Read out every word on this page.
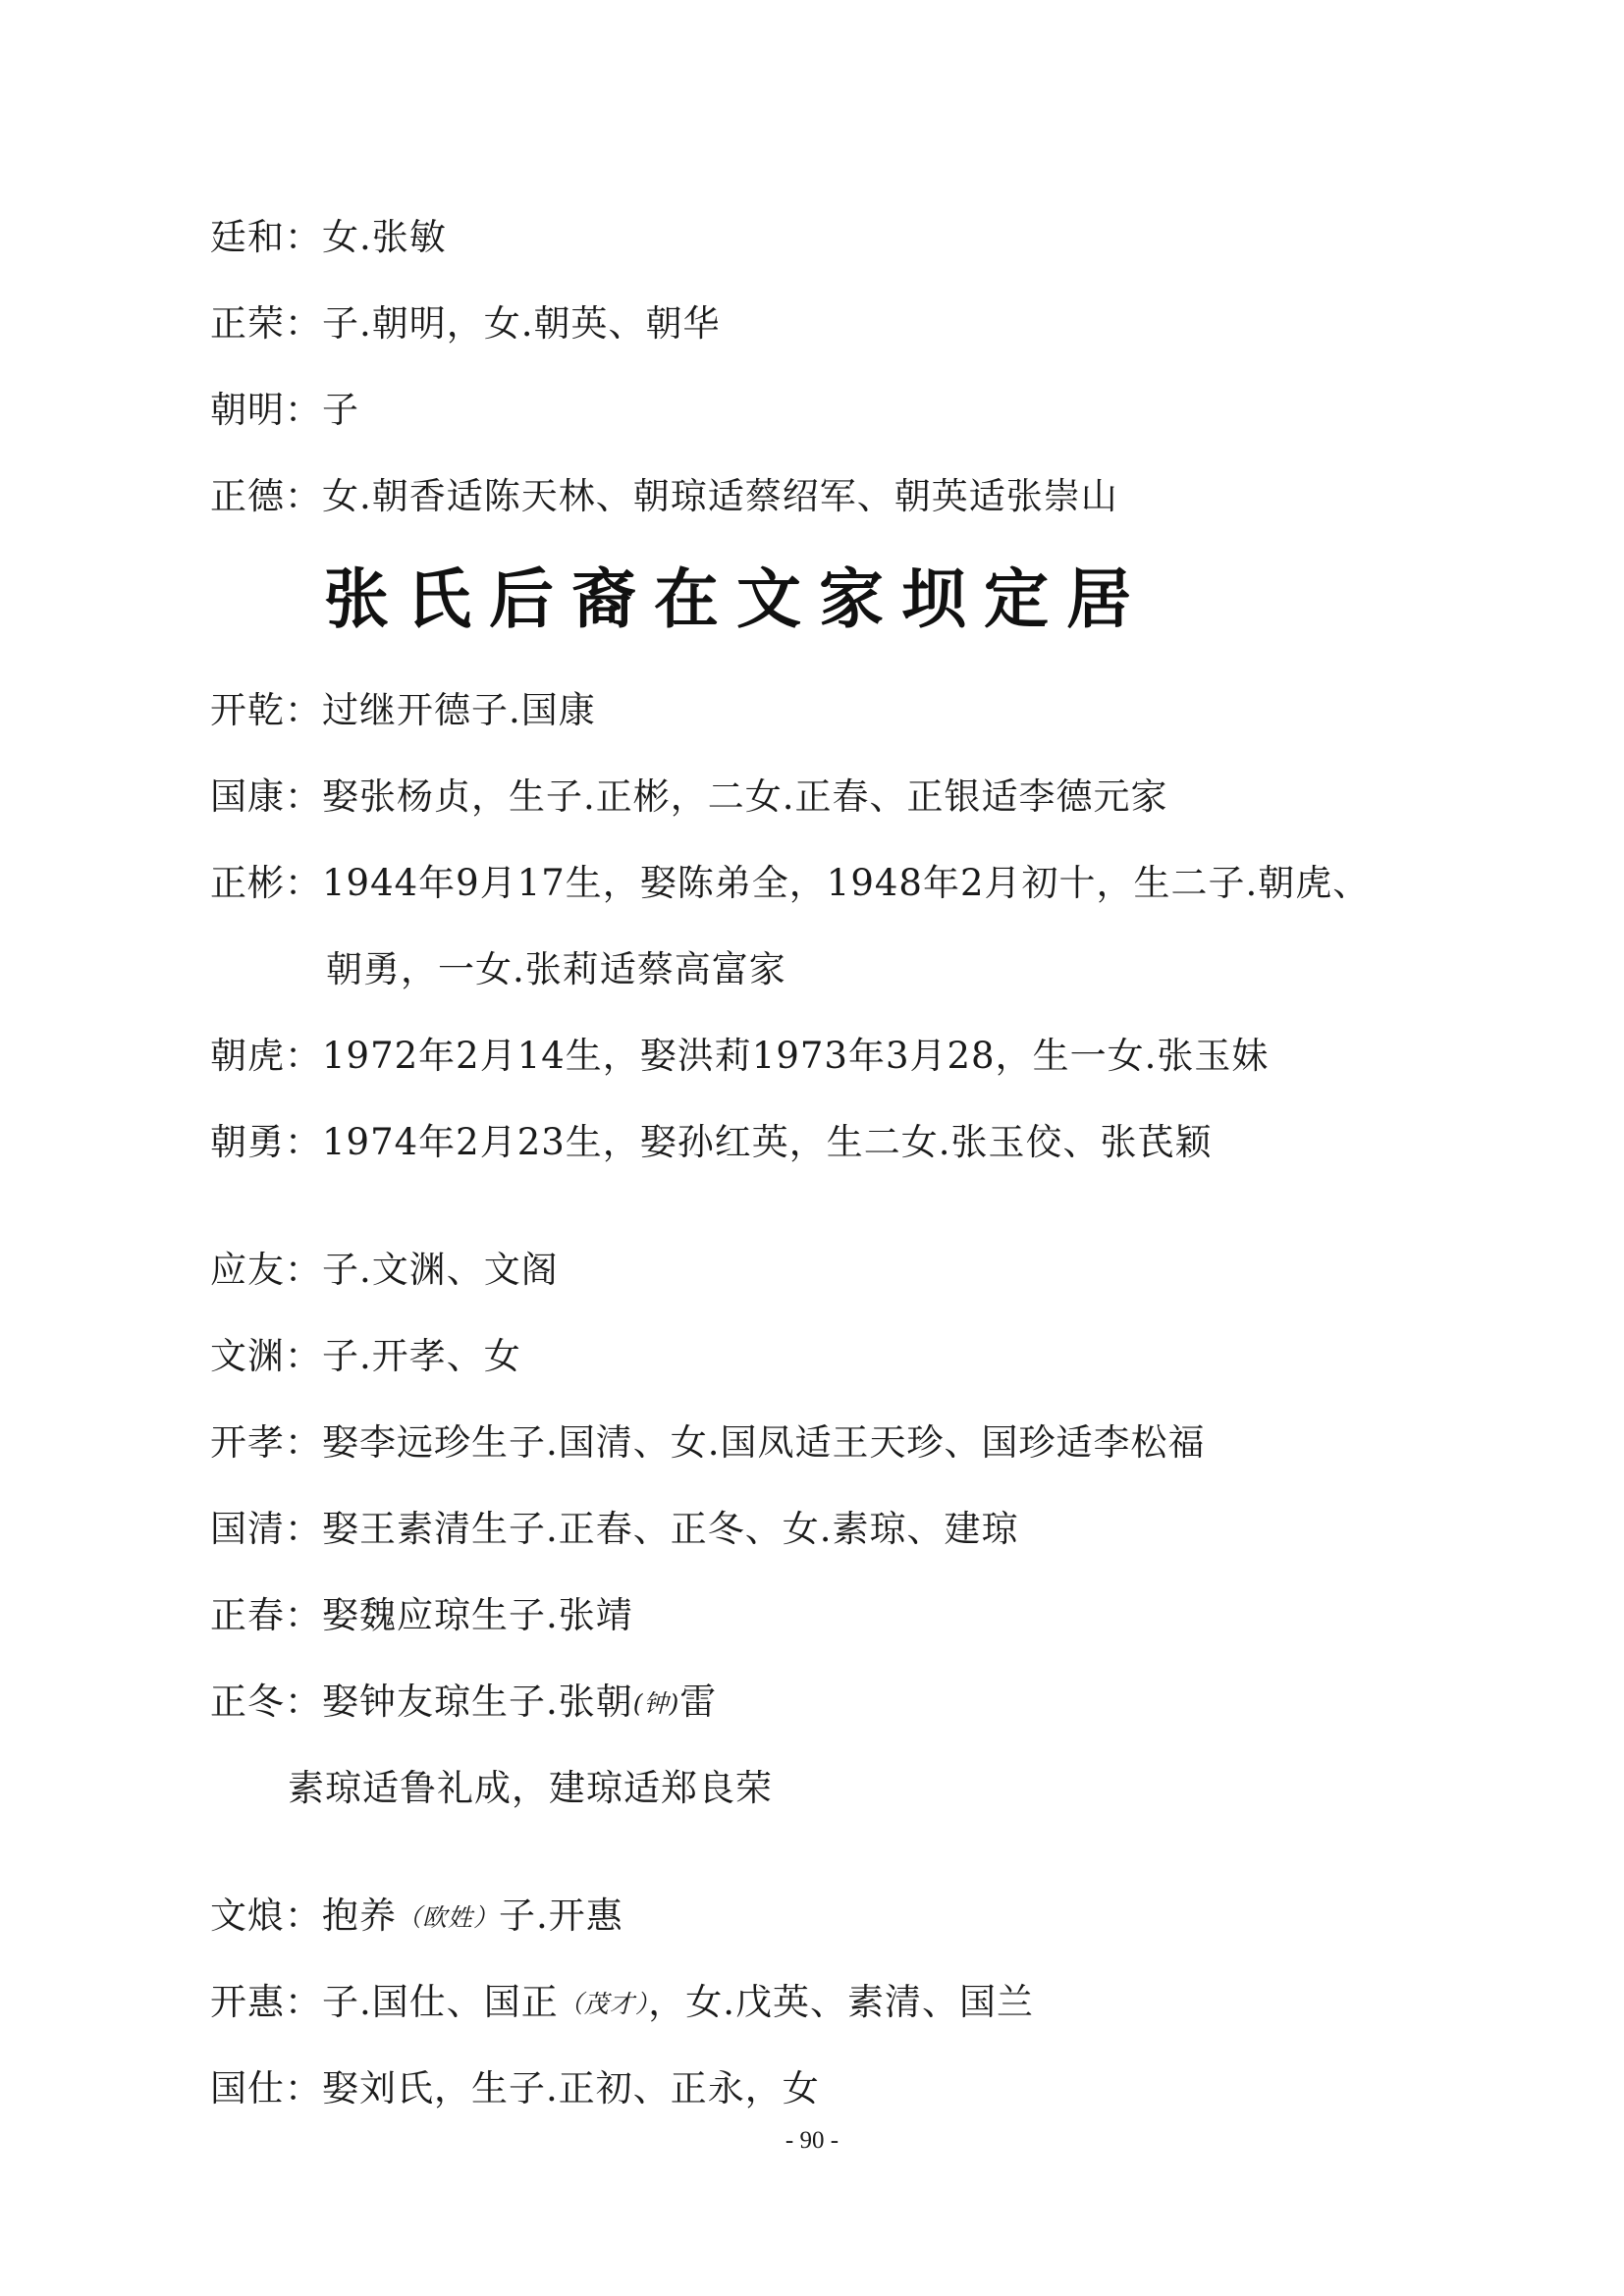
廷和：女.张敏
正荣：子.朝明，女.朝英、朝华
朝明：子
正德：女.朝香适陈天林、朝琼适蔡绍军、朝英适张崇山
张氏后裔在文家坝定居
开乾：过继开德子.国康
国康：娶张杨贞，生子.正彬，二女.正春、正银适李德元家
正彬：1944年9月17生，娶陈弟全，1948年2月初十，生二子.朝虎、
朝勇，一女.张莉适蔡高富家
朝虎：1972年2月14生，娶洪莉1973年3月28，生一女.张玉妹
朝勇：1974年2月23生，娶孙红英，生二女.张玉佼、张芪颖
应友：子.文渊、文阁
文渊：子.开孝、女
开孝：娶李远珍生子.国清、女.国凤适王天珍、国珍适李松福
国清：娶王素清生子.正春、正冬、女.素琼、建琼
正春：娶魏应琼生子.张靖
正冬：娶钟友琼生子.张朝(钟)雷
素琼适鲁礼成，建琼适郑良荣
文烺：抱养（欧姓）子.开惠
开惠：子.国仕、国正（茂才），女.戊英、素清、国兰
国仕：娶刘氏，生子.正初、正永，女
- 90 -
